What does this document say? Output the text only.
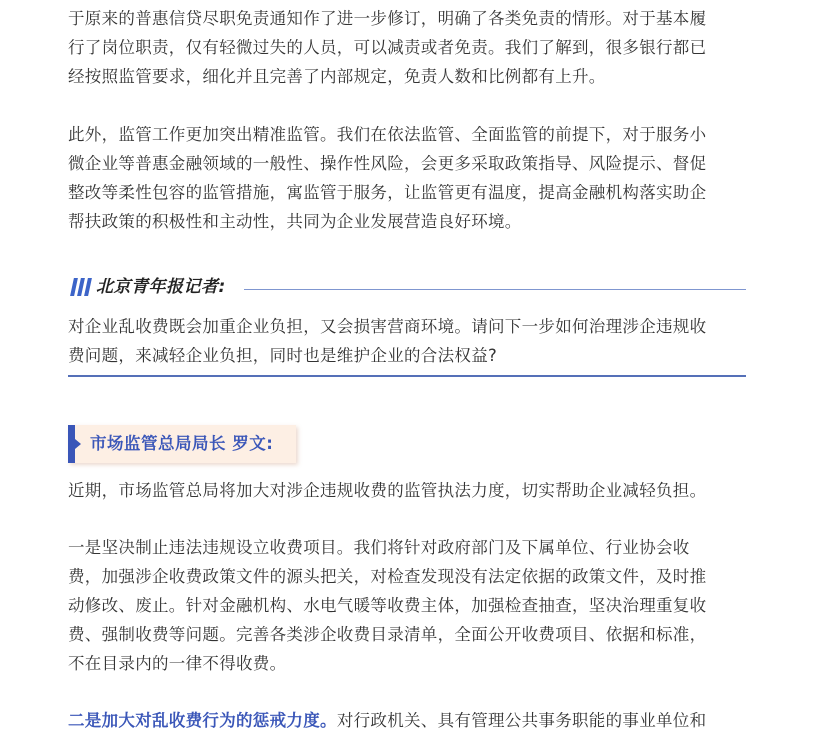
于原来的普惠信贷尽职免责通知作了进一步修订，明确了各类免责的情形。对于基本履
行了岗位职责，仅有轻微过失的人员，可以减责或者免责。我们了解到，很多银行都已
经按照监管要求，细化并且完善了内部规定，免责人数和比例都有上升。

此外，监管工作更加突出精准监管。我们在依法监管、全面监管的前提下，对于服务小
微企业等普惠金融领域的一般性、操作性风险，会更多采取政策指导、风险提示、督促
整改等柔性包容的监管措施，寓监管于服务，让监管更有温度，提高金融机构落实助企
帮扶政策的积极性和主动性，共同为企业发展营造良好环境。

北京青年报记者:

对企业乱收费既会加重企业负担，又会损害营商环境。请问下一步如何治理涉企违规收
费问题，来减轻企业负担，同时也是维护企业的合法权益?

市场监管总局局长 罗文:

近期，市场监管总局将加大对涉企违规收费的监管执法力度，切实帮助企业减轻负担。

一是坚决制止违法违规设立收费项目。我们将针对政府部门及下属单位、行业协会收
费，加强涉企收费政策文件的源头把关，对检查发现没有法定依据的政策文件，及时推
动修改、废止。针对金融机构、水电气暖等收费主体，加强检查抽查，坚决治理重复收
费、强制收费等问题。完善各类涉企收费目录清单，全面公开收费项目、依据和标准，
不在目录内的一律不得收费。

二是加大对乱收费行为的惩戒力度。对行政机关、具有管理公共事务职能的事业单位和
